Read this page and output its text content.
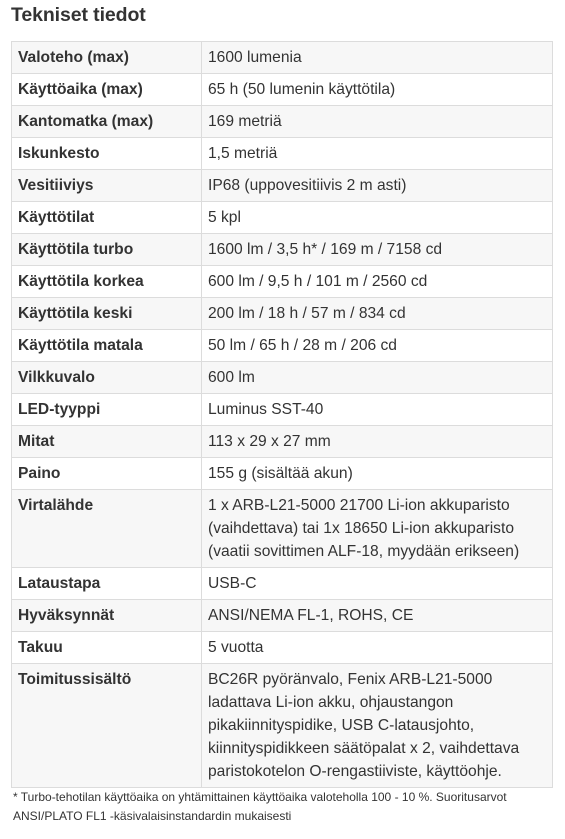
Tekniset tiedot
Valoteho (max)	1600 lumenia
Käyttöaika (max)	65 h (50 lumenin käyttötila)
Kantomatka (max)	169 metriä
Iskunkesto	1,5 metriä
Vesitiiviys	IP68 (uppovesitiivis 2 m asti)
Käyttötilat	5 kpl
Käyttötila turbo	1600 lm / 3,5 h* / 169 m / 7158 cd
Käyttötila korkea	600 lm / 9,5 h / 101 m / 2560 cd
Käyttötila keski	200 lm / 18 h / 57 m / 834 cd
Käyttötila matala	50 lm / 65 h / 28 m / 206 cd
Vilkkuvalo	600 lm
LED-tyyppi	Luminus SST-40
Mitat	113 x 29 x 27 mm
Paino	155 g (sisältää akun)
Virtalähde	1 x ARB-L21-5000 21700 Li-ion akkuparisto (vaihdettava) tai 1x 18650 Li-ion akkuparisto (vaatii sovittimen ALF-18, myydään erikseen)
Lataustapa	USB-C
Hyväksynnät	ANSI/NEMA FL-1, ROHS, CE
Takuu	5 vuotta
Toimitussisältö	BC26R pyöränvalo, Fenix ARB-L21-5000 ladattava Li-ion akku, ohjaustangon pikakiinnityspidike, USB C-latausjohto, kiinnityspidikkeen säätöpalat x 2, vaihdettava paristokotelon O-rengastiiviste, käyttöohje.

* Turbo-tehotilan käyttöaika on yhtämittainen käyttöaika valoteholla 100 - 10 %. Suoritusarvot ANSI/PLATO FL1 -käsivalaisinstandardin mukaisesti
